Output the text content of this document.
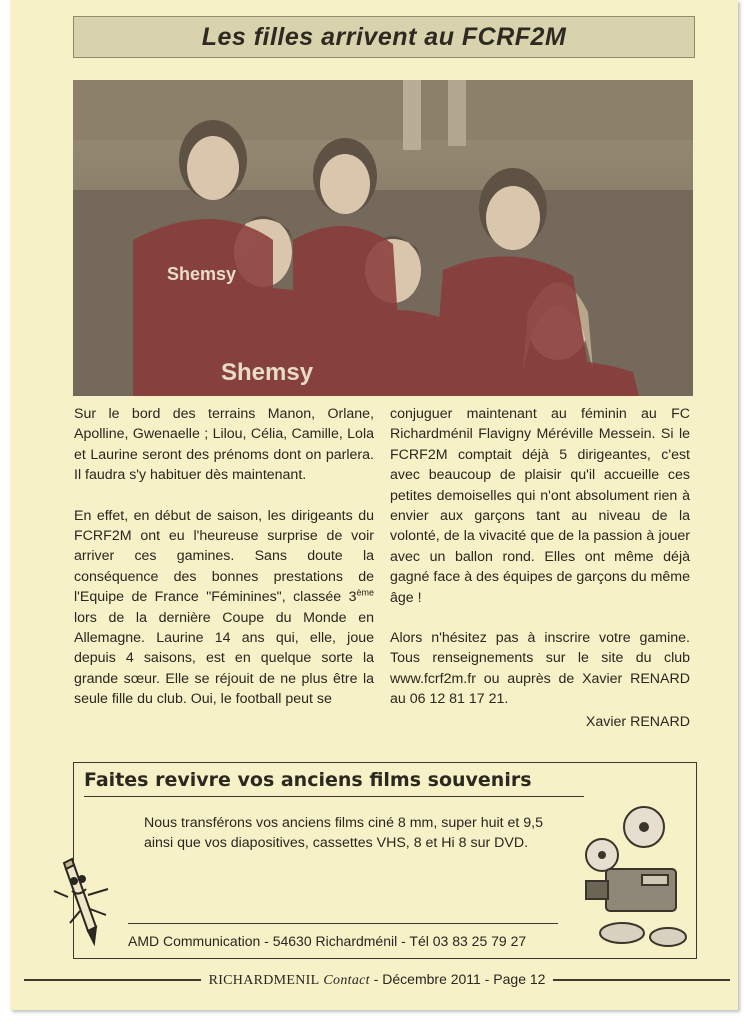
Les filles arrivent au FCRF2M
Shemsy
Shemsy

Sur le bord des terrains Manon, Orlane, Apolline, Gwenaelle ; Lilou, Célia, Camille, Lola et Laurine seront des prénoms dont on parlera. Il faudra s'y habituer dès maintenant.

En effet, en début de saison, les dirigeants du FCRF2M ont eu l'heureuse surprise de voir arriver ces gamines. Sans doute la conséquence des bonnes prestations de l'Equipe de France "Féminines", classée 3ème lors de la dernière Coupe du Monde en Allemagne. Laurine 14 ans qui, elle, joue depuis 4 saisons, est en quelque sorte la grande sœur. Elle se réjouit de ne plus être la seule fille du club. Oui, le football peut se

conjuguer maintenant au féminin au FC Richardménil Flavigny Méréville Messein. Si le FCRF2M comptait déjà 5 dirigeantes, c'est avec beaucoup de plaisir qu'il accueille ces petites demoiselles qui n'ont absolument rien à envier aux garçons tant au niveau de la volonté, de la vivacité que de la passion à jouer avec un ballon rond. Elles ont même déjà gagné face à des équipes de garçons du même âge !

Alors n'hésitez pas à inscrire votre gamine. Tous renseignements sur le site du club www.fcrf2m.fr ou auprès de Xavier RENARD au 06 12 81 17 21.

Xavier RENARD
Faites revivre vos anciens films souvenirs
Nous transférons vos anciens films ciné 8 mm, super huit et 9,5 ainsi que vos diapositives, cassettes VHS, 8 et Hi 8 sur DVD.
AMD Communication - 54630 Richardménil - Tél 03 83 25 79 27
RICHARDMENIL Contact - Décembre 2011 - Page 12
